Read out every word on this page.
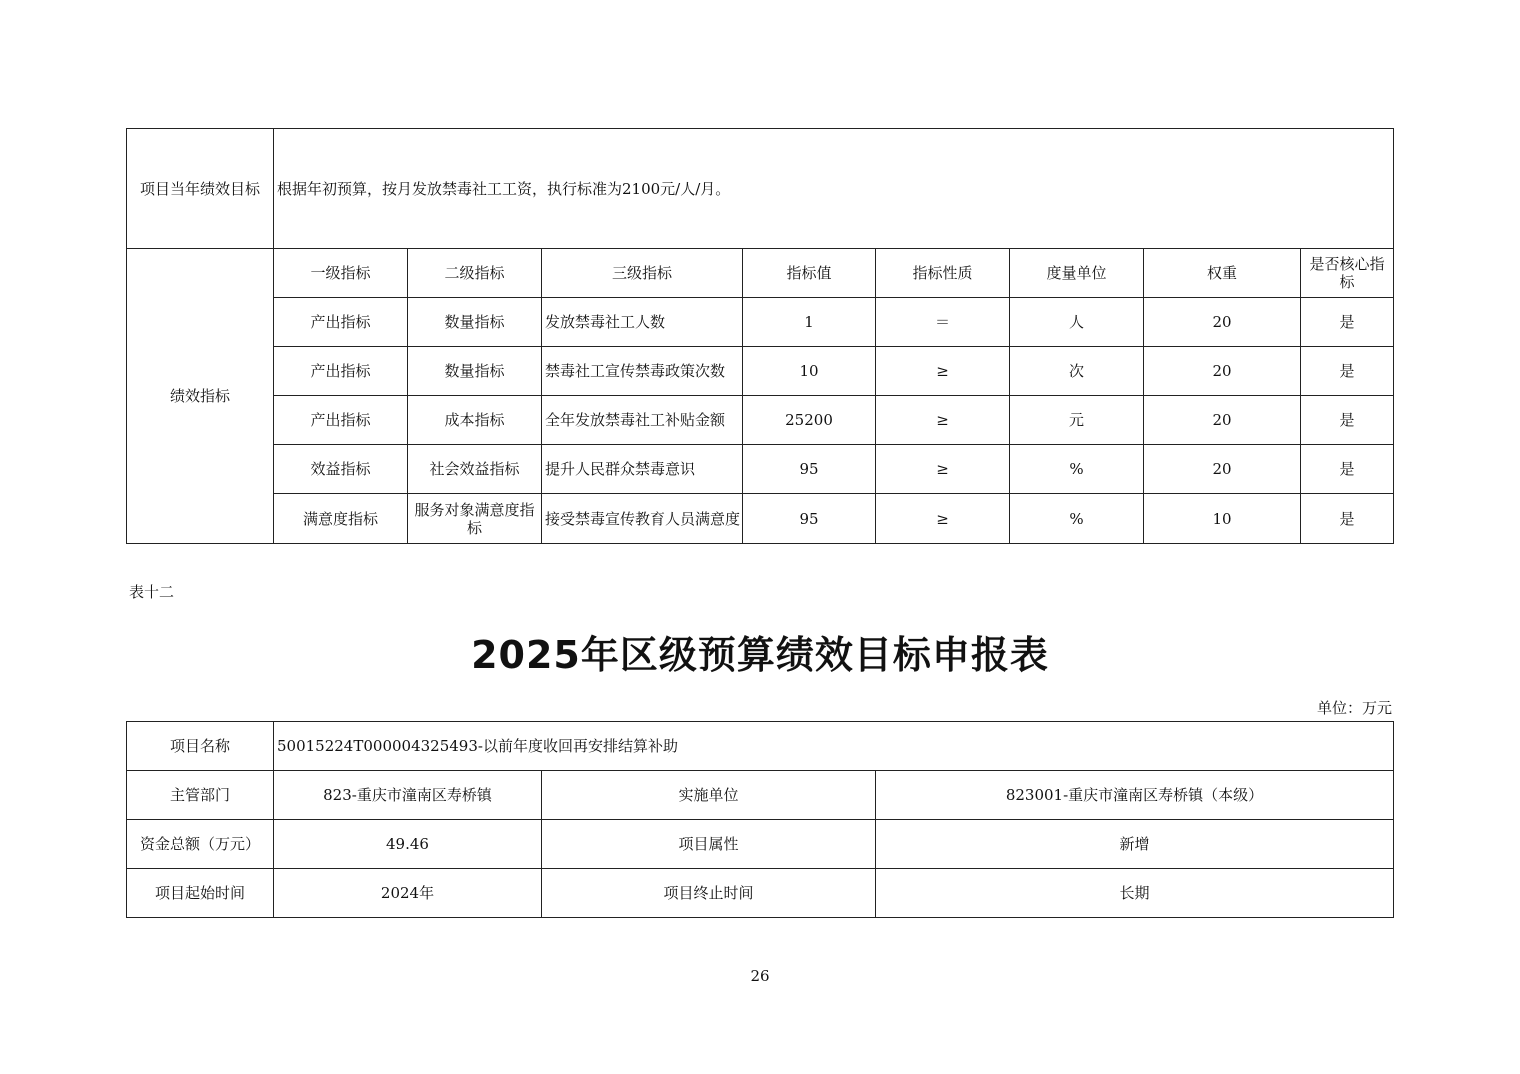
项目当年绩效目标	根据年初预算，按月发放禁毒社工工资，执行标准为2100元/人/月。							
绩效指标	一级指标	二级指标	三级指标	指标值	指标性质	度量单位	权重	是否核心指标
	产出指标	数量指标	发放禁毒社工人数	1	＝	人	20	是
	产出指标	数量指标	禁毒社工宣传禁毒政策次数	10	≥	次	20	是
	产出指标	成本指标	全年发放禁毒社工补贴金额	25200	≥	元	20	是
	效益指标	社会效益指标	提升人民群众禁毒意识	95	≥	%	20	是
	满意度指标	服务对象满意度指标	接受禁毒宣传教育人员满意度	95	≥	%	10	是
表十二
2025年区级预算绩效目标申报表
单位：万元
项目名称	50015224T000004325493-以前年度收回再安排结算补助		
主管部门	823-重庆市潼南区寿桥镇	实施单位	823001-重庆市潼南区寿桥镇（本级）
资金总额（万元）	49.46	项目属性	新增
项目起始时间	2024年	项目终止时间	长期
26
